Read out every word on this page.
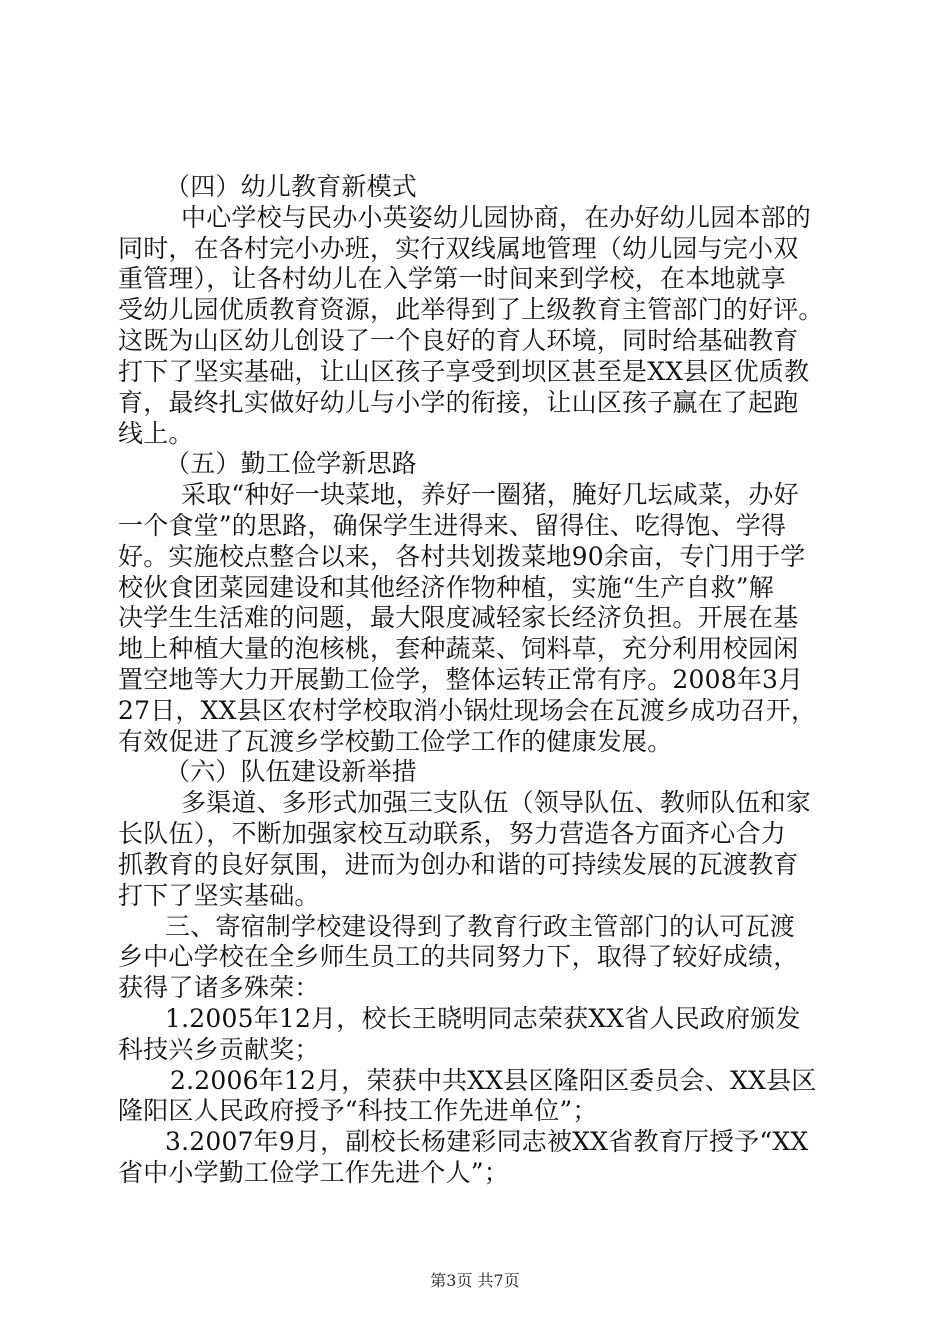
（四）幼儿教育新模式

中心学校与民办小英姿幼儿园协商，在办好幼儿园本部的

同时，在各村完小办班，实行双线属地管理（幼儿园与完小双

重管理），让各村幼儿在入学第一时间来到学校，在本地就享

受幼儿园优质教育资源，此举得到了上级教育主管部门的好评。

这既为山区幼儿创设了一个良好的育人环境，同时给基础教育

打下了坚实基础，让山区孩子享受到坝区甚至是XX县区优质教

育，最终扎实做好幼儿与小学的衔接，让山区孩子赢在了起跑

线上。

（五）勤工俭学新思路

采取“种好一块菜地，养好一圈猪，腌好几坛咸菜，办好

一个食堂”的思路，确保学生进得来、留得住、吃得饱、学得

好。实施校点整合以来，各村共划拨菜地90余亩，专门用于学

校伙食团菜园建设和其他经济作物种植，实施“生产自救”解

决学生生活难的问题，最大限度减轻家长经济负担。开展在基

地上种植大量的泡核桃，套种蔬菜、饲料草，充分利用校园闲

置空地等大力开展勤工俭学，整体运转正常有序。2008年3月

27日，XX县区农村学校取消小锅灶现场会在瓦渡乡成功召开，

有效促进了瓦渡乡学校勤工俭学工作的健康发展。

（六）队伍建设新举措

多渠道、多形式加强三支队伍（领导队伍、教师队伍和家

长队伍），不断加强家校互动联系，努力营造各方面齐心合力

抓教育的良好氛围，进而为创办和谐的可持续发展的瓦渡教育

打下了坚实基础。

三、寄宿制学校建设得到了教育行政主管部门的认可瓦渡

乡中心学校在全乡师生员工的共同努力下，取得了较好成绩，

获得了诸多殊荣：

1.2005年12月，校长王晓明同志荣获XX省人民政府颁发

科技兴乡贡献奖；

2.2006年12月，荣获中共XX县区隆阳区委员会、XX县区

隆阳区人民政府授予“科技工作先进单位”；

3.2007年9月，副校长杨建彩同志被XX省教育厅授予“XX

省中小学勤工俭学工作先进个人”；

第3页 共7页
